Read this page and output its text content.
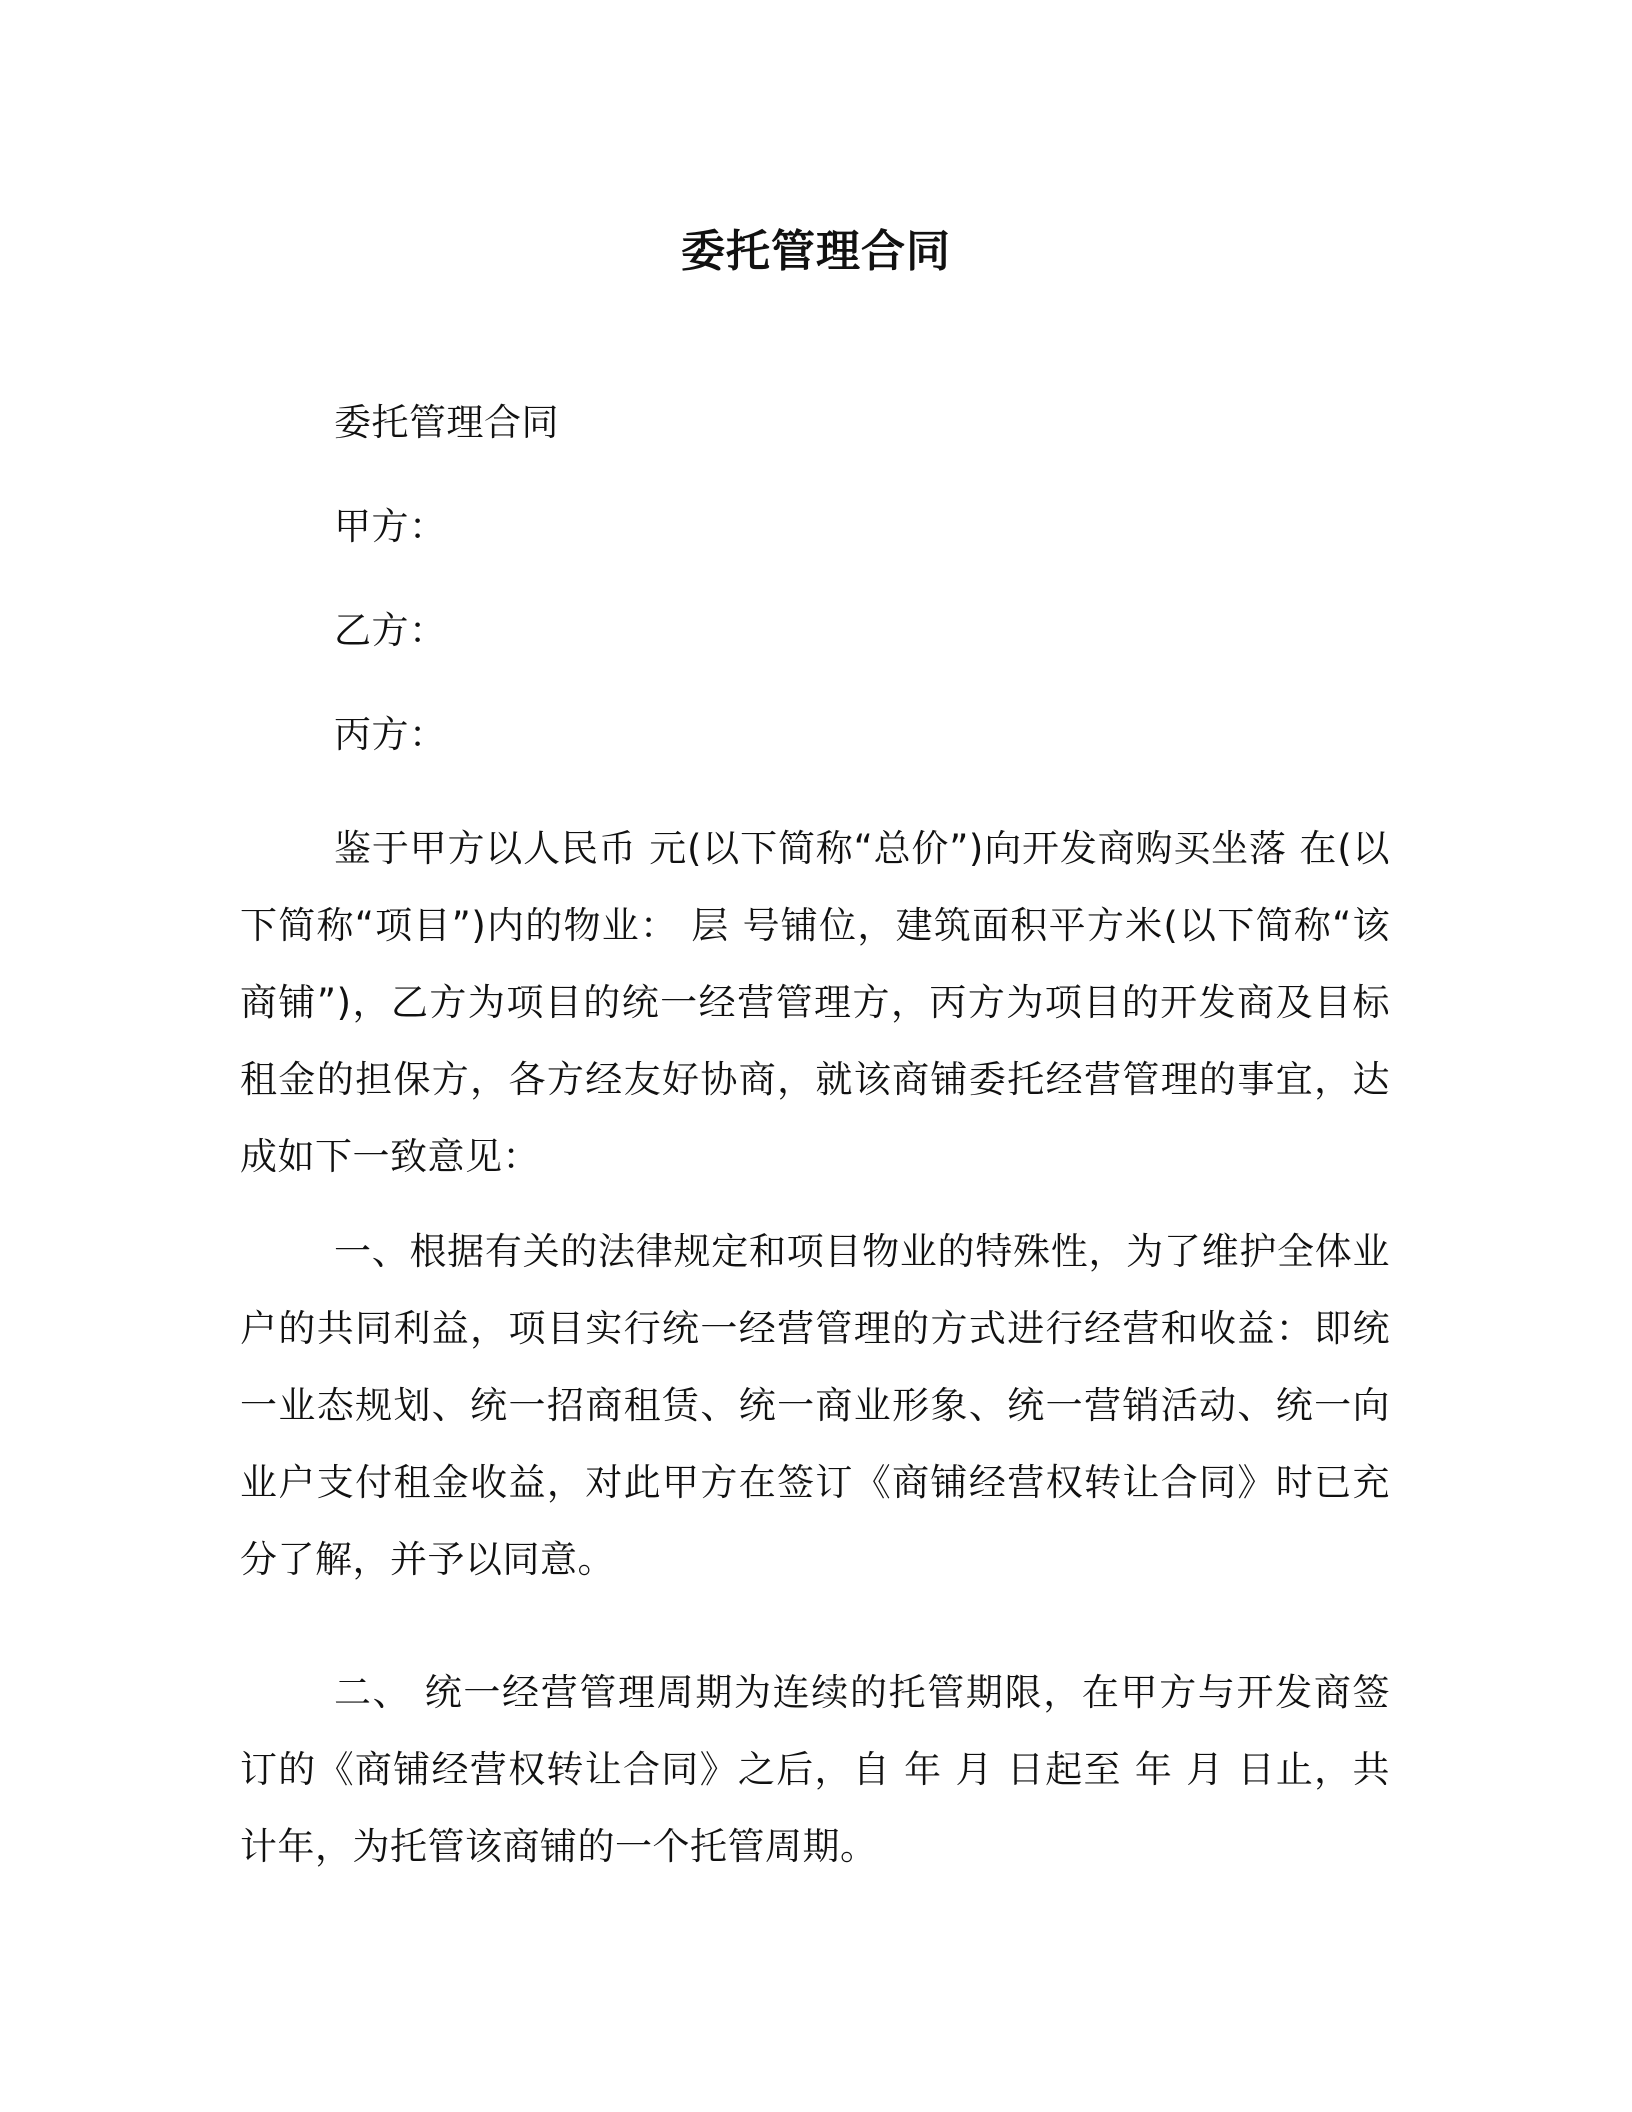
委托管理合同
委托管理合同
甲方：
乙方：
丙方：
鉴于甲方以人民币 元(以下简称“总价”)向开发商购买坐落 在(以下简称“项目”)内的物业： 层 号铺位，建筑面积平方米(以下简称“该商铺”)，乙方为项目的统一经营管理方，丙方为项目的开发商及目标租金的担保方，各方经友好协商，就该商铺委托经营管理的事宜，达成如下一致意见：
一、根据有关的法律规定和项目物业的特殊性，为了维护全体业户的共同利益，项目实行统一经营管理的方式进行经营和收益：即统一业态规划、统一招商租赁、统一商业形象、统一营销活动、统一向业户支付租金收益，对此甲方在签订《商铺经营权转让合同》时已充分了解，并予以同意。
二、 统一经营管理周期为连续的托管期限，在甲方与开发商签订的《商铺经营权转让合同》之后，自 年 月 日起至 年 月 日止，共计年，为托管该商铺的一个托管周期。
